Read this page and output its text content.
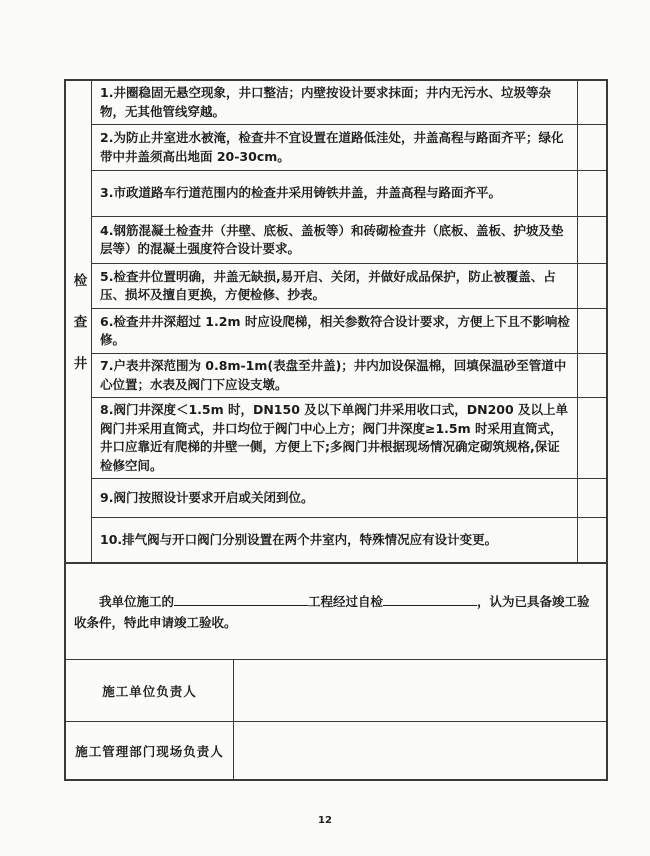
检查井
1.井圈稳固无悬空现象，井口整洁；内壁按设计要求抹面；井内无污水、垃圾等杂物，无其他管线穿越。
2.为防止井室进水被淹，检查井不宜设置在道路低洼处，井盖高程与路面齐平；绿化带中井盖须高出地面 20-30cm。
3.市政道路车行道范围内的检查井采用铸铁井盖，井盖高程与路面齐平。
4.钢筋混凝土检查井（井壁、底板、盖板等）和砖砌检查井（底板、盖板、护坡及垫层等）的混凝土强度符合设计要求。
5.检查井位置明确，井盖无缺损,易开启、关闭，并做好成品保护，防止被覆盖、占压、损坏及擅自更换，方便检修、抄表。
6.检查井井深超过 1.2m 时应设爬梯，相关参数符合设计要求，方便上下且不影响检修。
7.户表井深范围为 0.8m-1m(表盘至井盖)；井内加设保温棉，回填保温砂至管道中心位置；水表及阀门下应设支墩。
8.阀门井深度＜1.5m 时，DN150 及以下单阀门井采用收口式，DN200 及以上单阀门井采用直筒式，井口均位于阀门中心上方；阀门井深度≥1.5m 时采用直筒式，井口应靠近有爬梯的井壁一侧，方便上下;多阀门井根据现场情况确定砌筑规格,保证检修空间。
9.阀门按照设计要求开启或关闭到位。
10.排气阀与开口阀门分别设置在两个井室内，特殊情况应有设计变更。

我单位施工的	工程经过自检	，认为已具备竣工验收条件，特此申请竣工验收。

施工单位负责人
施工管理部门现场负责人
12
